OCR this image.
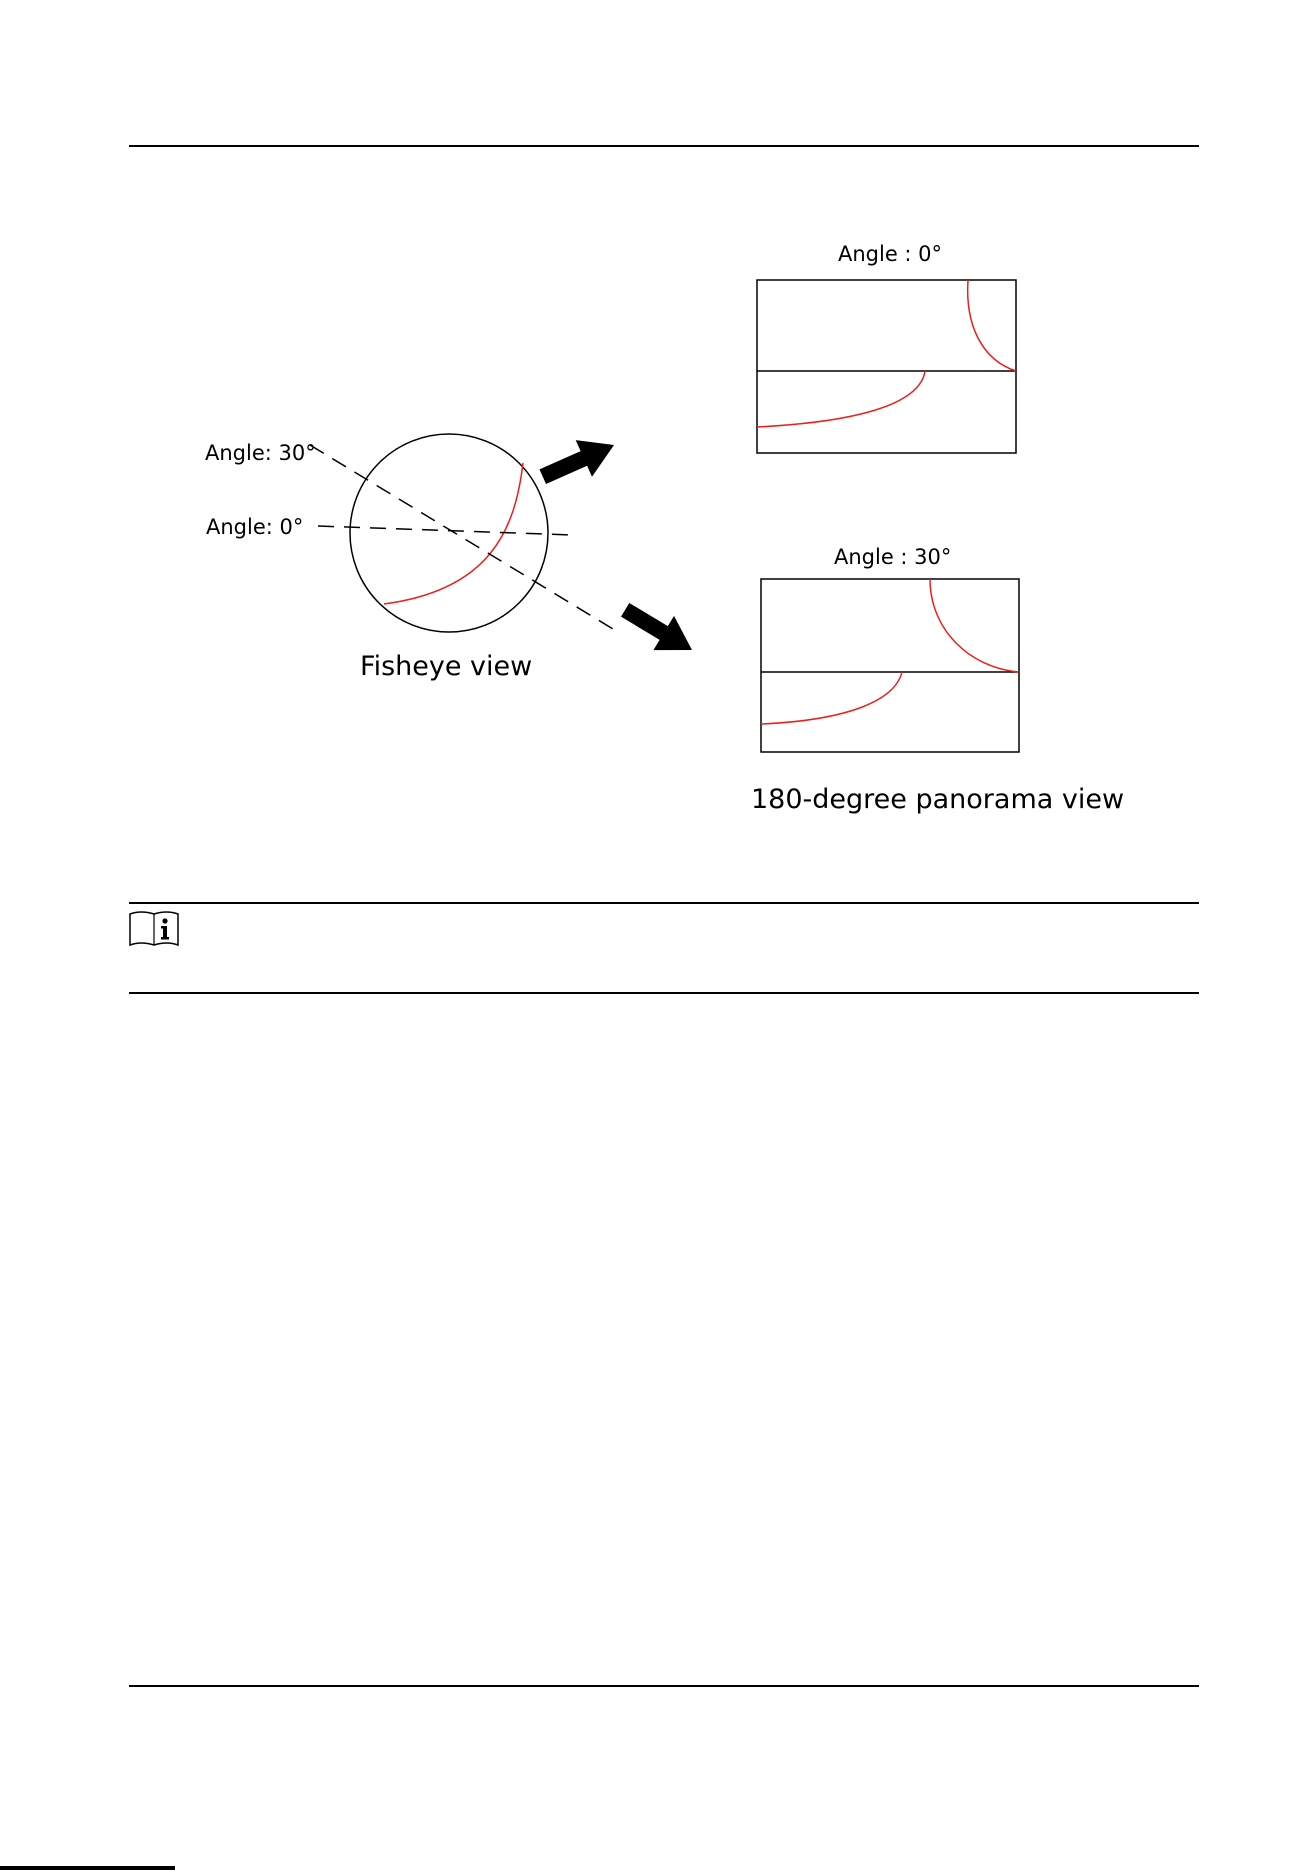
Angle: 30°
Angle: 0°
Fisheye view
Angle : 0°
Angle : 30°
180-degree panorama view
